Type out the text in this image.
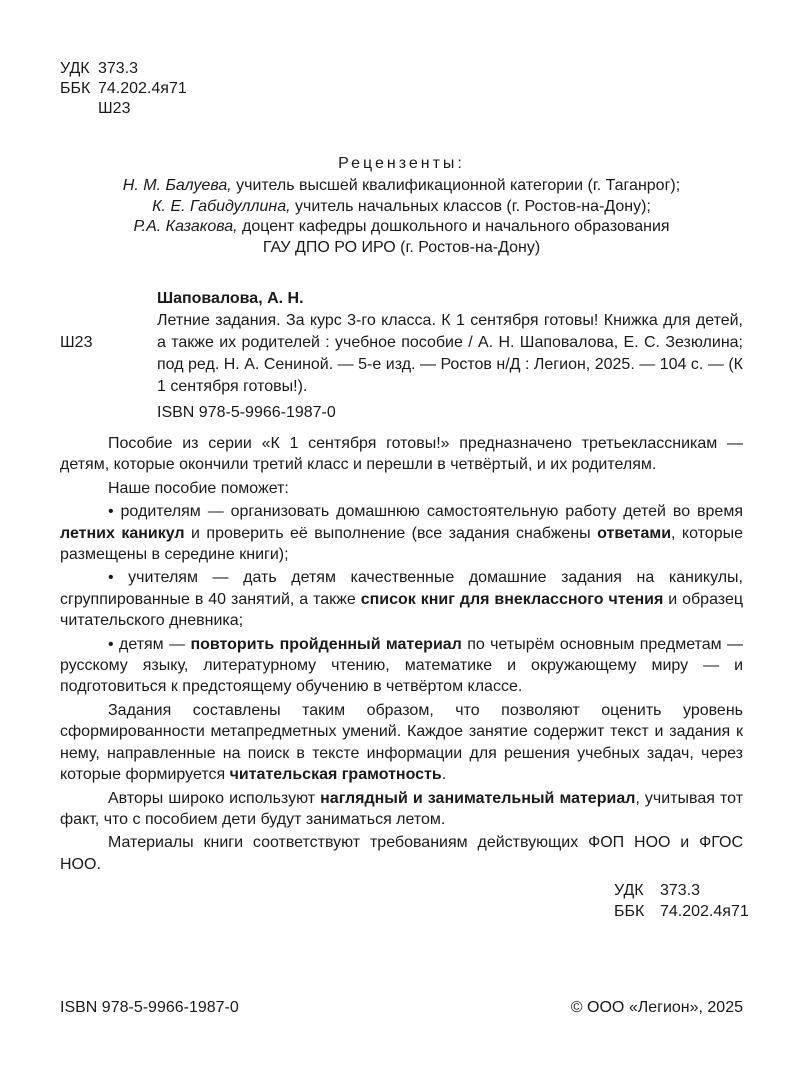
УДК 373.3
ББК 74.202.4я71
Ш23
Рецензенты:
Н. М. Балуева, учитель высшей квалификационной категории (г. Таганрог);
К. Е. Габидуллина, учитель начальных классов (г. Ростов-на-Дону);
Р.А. Казакова, доцент кафедры дошкольного и начального образования
ГАУ ДПО РО ИРО (г. Ростов-на-Дону)
Шаповалова, А. Н.
Ш23
Летние задания. За курс 3-го класса. К 1 сентября готовы! Книжка для детей, а также их родителей : учебное пособие / А. Н. Шаповалова, Е. С. Зезюлина; под ред. Н. А. Сениной. — 5-е изд. — Ростов н/Д : Легион, 2025. — 104 с. — (К 1 сентября готовы!).
ISBN 978-5-9966-1987-0

Пособие из серии «К 1 сентября готовы!» предназначено третьеклассникам — детям, которые окончили третий класс и перешли в четвёртый, и их родителям.

Наше пособие поможет:

• родителям — организовать домашнюю самостоятельную работу детей во время летних каникул и проверить её выполнение (все задания снабжены ответами, которые размещены в середине книги);

• учителям — дать детям качественные домашние задания на каникулы, сгруппированные в 40 занятий, а также список книг для внеклассного чтения и образец читательского дневника;

• детям — повторить пройденный материал по четырём основным предметам — русскому языку, литературному чтению, математике и окружающему миру — и подготовиться к предстоящему обучению в четвёртом классе.

Задания составлены таким образом, что позволяют оценить уровень сформированности метапредметных умений. Каждое занятие содержит текст и задания к нему, направленные на поиск в тексте информации для решения учебных задач, через которые формируется читательская грамотность.

Авторы широко используют наглядный и занимательный материал, учитывая тот факт, что с пособием дети будут заниматься летом.

Материалы книги соответствуют требованиям действующих ФОП НОО и ФГОС НОО.

УДК	373.3
ББК 74.202.4я71
ISBN 978-5-9966-1987-0	© ООО «Легион», 2025
